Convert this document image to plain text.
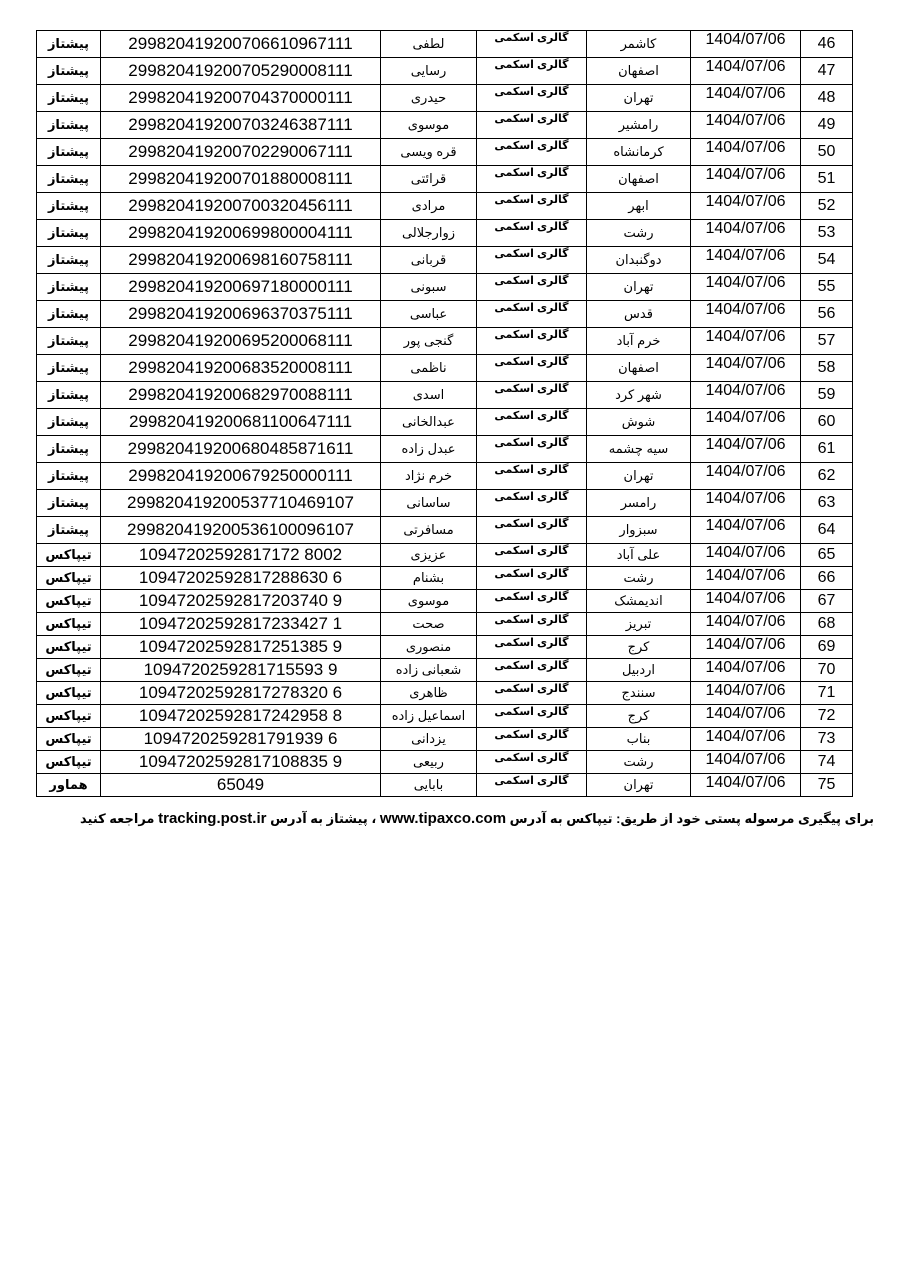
پیشتاز	299820419200706610967111	لطفی	گالری اسکمی	کاشمر	1404/07/06	46
پیشتاز	299820419200705290008111	رسایی	گالری اسکمی	اصفهان	1404/07/06	47
پیشتاز	299820419200704370000111	حیدری	گالری اسکمی	تهران	1404/07/06	48
پیشتاز	299820419200703246387111	موسوی	گالری اسکمی	رامشیر	1404/07/06	49
پیشتاز	299820419200702290067111	قره ویسی	گالری اسکمی	کرمانشاه	1404/07/06	50
پیشتاز	299820419200701880008111	قرائتی	گالری اسکمی	اصفهان	1404/07/06	51
پیشتاز	299820419200700320456111	مرادی	گالری اسکمی	ابهر	1404/07/06	52
پیشتاز	299820419200699800004111	زوارجلالی	گالری اسکمی	رشت	1404/07/06	53
پیشتاز	299820419200698160758111	قربانی	گالری اسکمی	دوگنبدان	1404/07/06	54
پیشتاز	299820419200697180000111	سبونی	گالری اسکمی	تهران	1404/07/06	55
پیشتاز	299820419200696370375111	عباسی	گالری اسکمی	قدس	1404/07/06	56
پیشتاز	299820419200695200068111	گنجی پور	گالری اسکمی	خرم آباد	1404/07/06	57
پیشتاز	299820419200683520008111	ناظمی	گالری اسکمی	اصفهان	1404/07/06	58
پیشتاز	299820419200682970088111	اسدی	گالری اسکمی	شهر کرد	1404/07/06	59
پیشتاز	299820419200681100647111	عبدالخانی	گالری اسکمی	شوش	1404/07/06	60
پیشتاز	299820419200680485871611	عبدل زاده	گالری اسکمی	سیه چشمه	1404/07/06	61
پیشتاز	299820419200679250000111	خرم نژاد	گالری اسکمی	تهران	1404/07/06	62
پیشتاز	299820419200537710469107	ساسانی	گالری اسکمی	رامسر	1404/07/06	63
پیشتاز	299820419200536100096107	مسافرتی	گالری اسکمی	سبزوار	1404/07/06	64
تیپاکس	10947202592817172 8002	عزیزی	گالری اسکمی	علی آباد	1404/07/06	65
تیپاکس	10947202592817288630 6	بشنام	گالری اسکمی	رشت	1404/07/06	66
تیپاکس	10947202592817203740 9	موسوی	گالری اسکمی	اندیمشک	1404/07/06	67
تیپاکس	10947202592817233427 1	صحت	گالری اسکمی	تبریز	1404/07/06	68
تیپاکس	10947202592817251385 9	منصوری	گالری اسکمی	کرج	1404/07/06	69
تیپاکس	1094720259281715593 9	شعبانی زاده	گالری اسکمی	اردبیل	1404/07/06	70
تیپاکس	10947202592817278320 6	ظاهری	گالری اسکمی	سنندج	1404/07/06	71
تیپاکس	10947202592817242958 8	اسماعیل زاده	گالری اسکمی	کرج	1404/07/06	72
تیپاکس	1094720259281791939 6	یزدانی	گالری اسکمی	بناب	1404/07/06	73
تیپاکس	10947202592817108835 9	ربیعی	گالری اسکمی	رشت	1404/07/06	74
هماور	65049	بابایی	گالری اسکمی	تهران	1404/07/06	75
برای پیگیری مرسوله پستی خود از طریق: تیپاکس به آدرس www.tipaxco.com ، پیشتاز به آدرس tracking.post.ir مراجعه کنید
